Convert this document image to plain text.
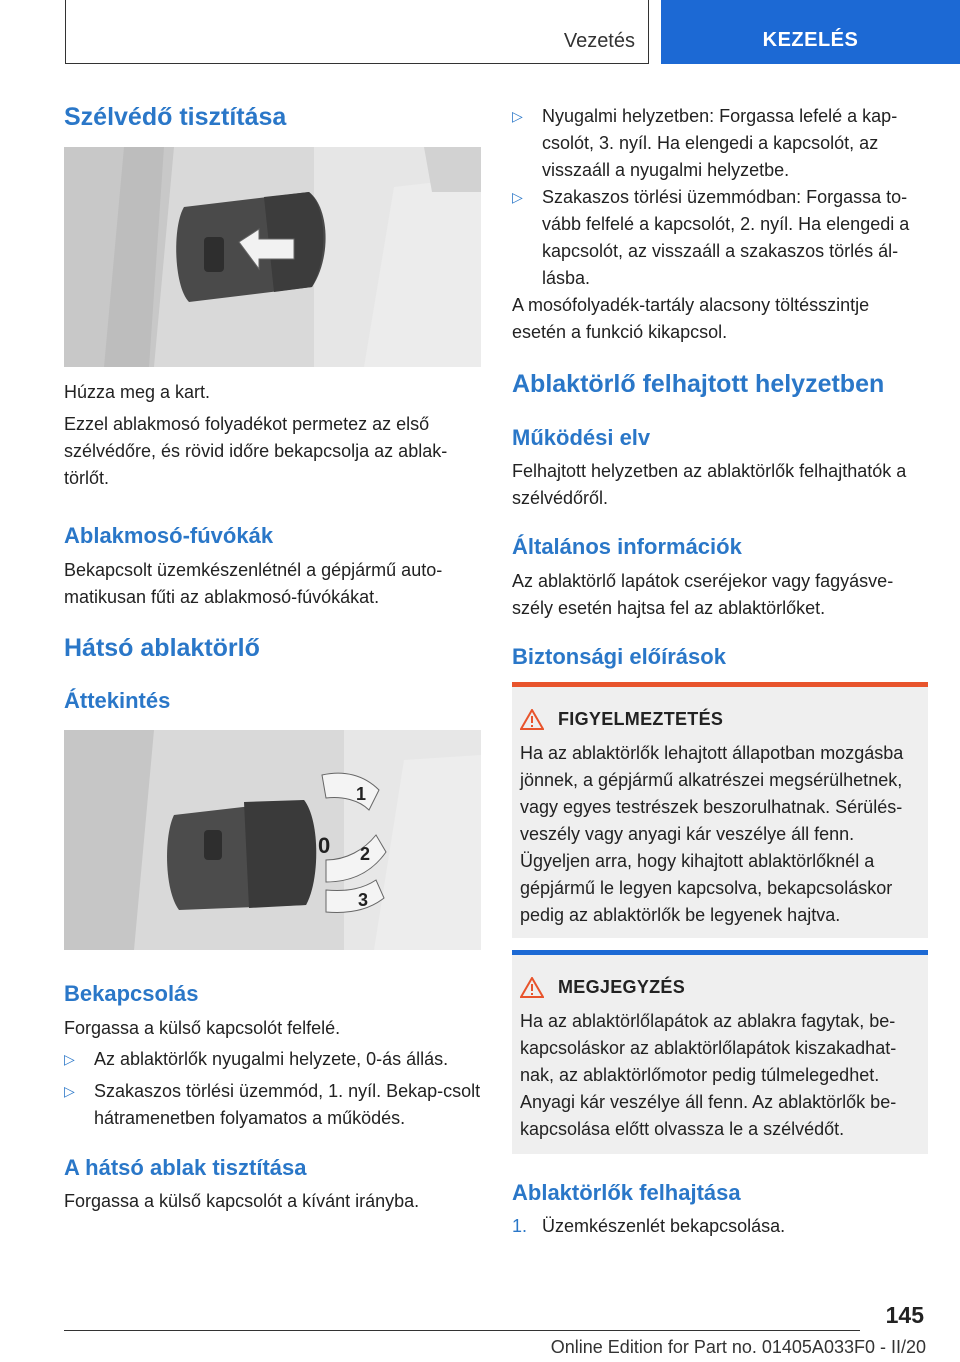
Vezetés	KEZELÉS
Szélvédő tisztítása

Húzza meg a kart.

Ezzel ablakmosó folyadékot permetez az első szélvédőre, és rövid időre bekapcsolja az ablak-törlőt.

Ablakmosó-fúvókák

Bekapcsolt üzemkészenlétnél a gépjármű auto-matikusan fűti az ablakmosó-fúvókákat.

Hátsó ablaktörlő
Áttekintés
1
0 2
3
Bekapcsolás

Forgassa a külső kapcsolót felfelé.

▷	Az ablaktörlők nyugalmi helyzete, 0-ás állás.
▷	Szakaszos törlési üzemmód, 1. nyíl. Bekap-csolt hátramenetben folyamatos a működés.
A hátsó ablak tisztítása

Forgassa a külső kapcsolót a kívánt irányba.

▷	Nyugalmi helyzetben: Forgassa lefelé a kap-csolót, 3. nyíl. Ha elengedi a kapcsolót, az visszaáll a nyugalmi helyzetbe.
▷	Szakaszos törlési üzemmódban: Forgassa to-vább felfelé a kapcsolót, 2. nyíl. Ha elengedi a kapcsolót, az visszaáll a szakaszos törlés ál-lásba.

A mosófolyadék-tartály alacsony töltésszintje esetén a funkció kikapcsol.

Ablaktörlő felhajtott helyzetben
Működési elv

Felhajtott helyzetben az ablaktörlők felhajthatók a szélvédőről.

Általános információk

Az ablaktörlő lapátok cseréjekor vagy fagyásve-szély esetén hajtsa fel az ablaktörlőket.

Biztonsági előírások
FIGYELMEZTETÉS

Ha az ablaktörlők lehajtott állapotban mozgásba jönnek, a gépjármű alkatrészei megsérülhetnek, vagy egyes testrészek beszorulhatnak. Sérülés-veszély vagy anyagi kár veszélye áll fenn. Ügyeljen arra, hogy kihajtott ablaktörlőknél a gépjármű le legyen kapcsolva, bekapcsoláskor pedig az ablaktörlők be legyenek hajtva.

MEGJEGYZÉS

Ha az ablaktörlőlapátok az ablakra fagytak, be-kapcsoláskor az ablaktörlőlapátok kiszakadhat-nak, az ablaktörlőmotor pedig túlmelegedhet. Anyagi kár veszélye áll fenn. Az ablaktörlők be-kapcsolása előtt olvassza le a szélvédőt.

Ablaktörlők felhajtása
1. Üzemkészenlét bekapcsolása.
145
Online Edition for Part no. 01405A033F0 - II/20
